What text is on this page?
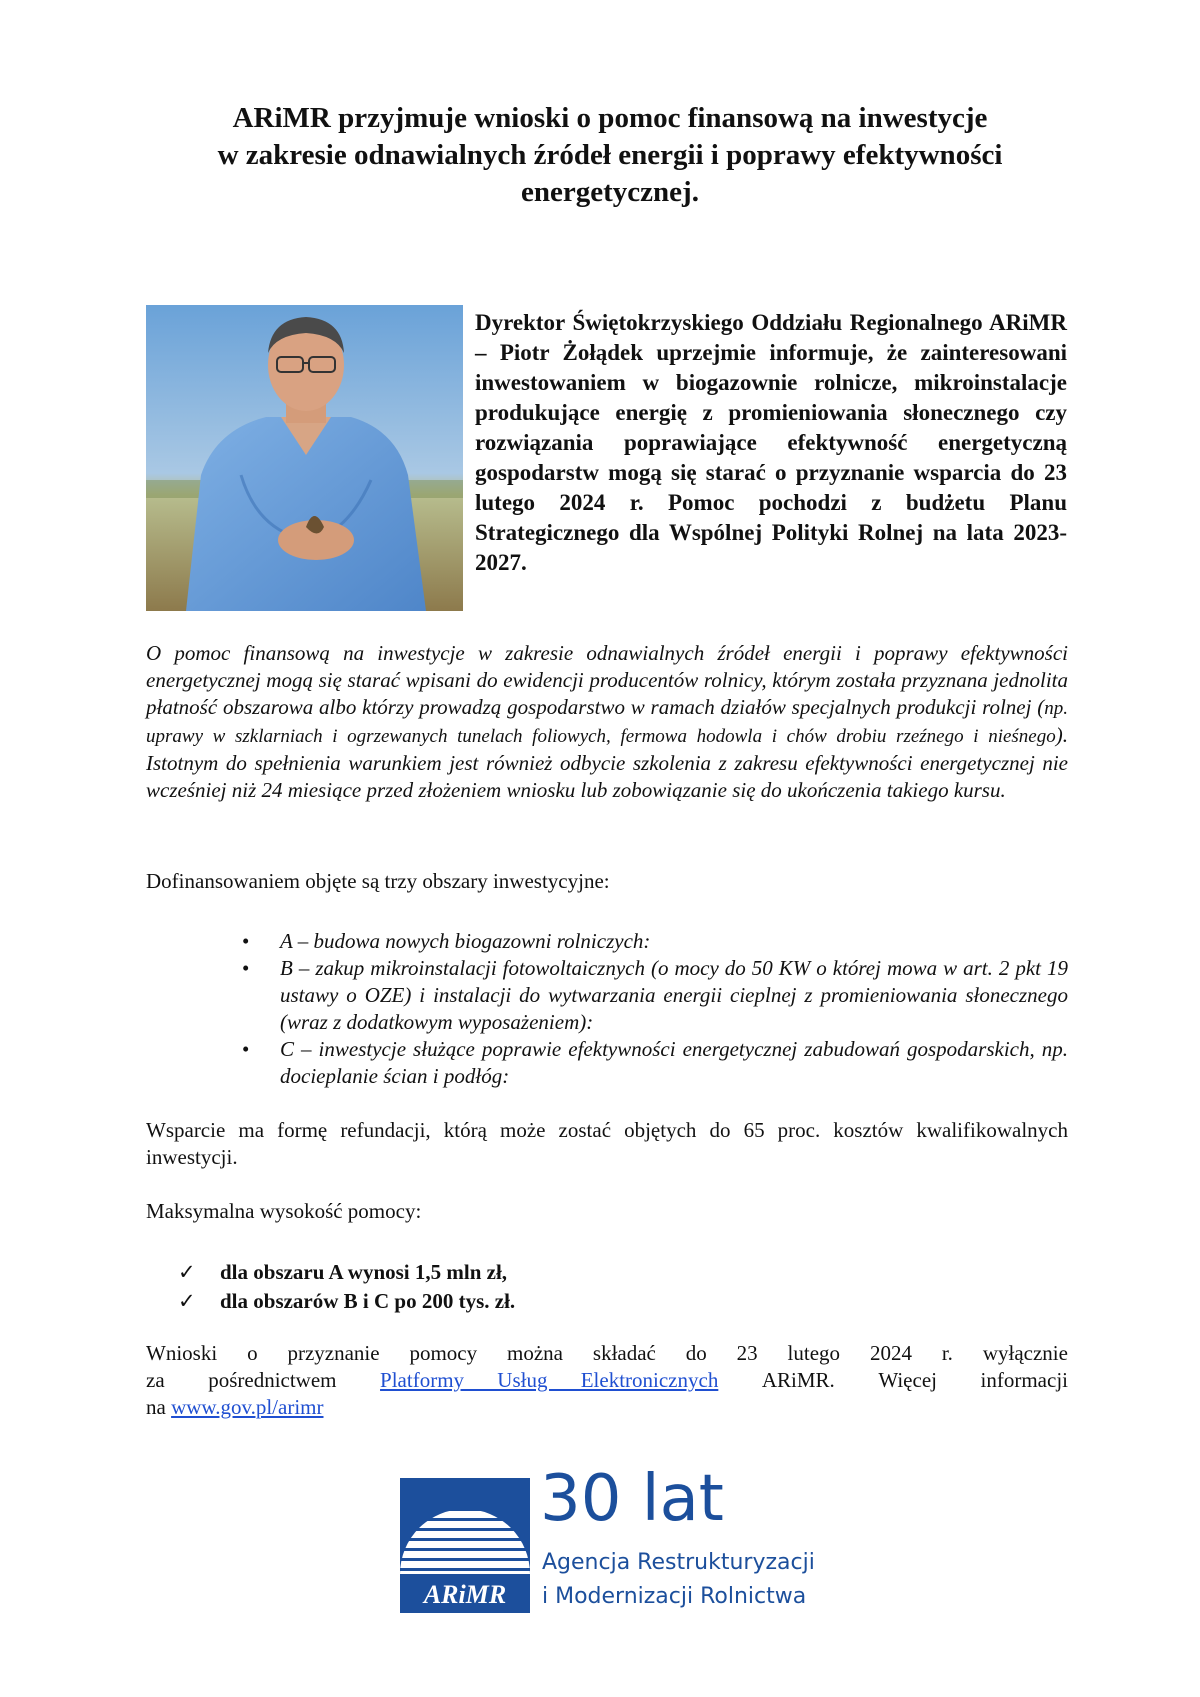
ARiMR przyjmuje wnioski o pomoc finansową na inwestycje
w zakresie odnawialnych źródeł energii i poprawy efektywności
energetycznej.
Dyrektor Świętokrzyskiego Oddziału Regionalnego ARiMR – Piotr Żołądek uprzejmie informuje, że zainteresowani inwestowaniem w biogazownie rolnicze, mikroinstalacje produkujące energię z promieniowania słonecznego czy rozwiązania poprawiające efektywność energetyczną gospodarstw mogą się starać o przyznanie wsparcia do 23 lutego 2024 r. Pomoc pochodzi z budżetu Planu Strategicznego dla Wspólnej Polityki Rolnej na lata 2023-2027.
O pomoc finansową na inwestycje w zakresie odnawialnych źródeł energii i poprawy efektywności energetycznej mogą się starać wpisani do ewidencji producentów rolnicy, którym została przyznana jednolita płatność obszarowa albo którzy prowadzą gospodarstwo w ramach działów specjalnych produkcji rolnej (np. uprawy w szklarniach i ogrzewanych tunelach foliowych, fermowa hodowla i chów drobiu rzeźnego i nieśnego). Istotnym do spełnienia warunkiem jest również odbycie szkolenia z zakresu efektywności energetycznej nie wcześniej niż 24 miesiące przed złożeniem wniosku lub zobowiązanie się do ukończenia takiego kursu.
Dofinansowaniem objęte są trzy obszary inwestycyjne:
• A – budowa nowych biogazowni rolniczych:
• B – zakup mikroinstalacji fotowoltaicznych (o mocy do 50 KW o której mowa w art. 2 pkt 19 ustawy o OZE) i instalacji do wytwarzania energii cieplnej z promieniowania słonecznego (wraz z dodatkowym wyposażeniem):
• C – inwestycje służące poprawie efektywności energetycznej zabudowań gospodarskich, np. docieplanie ścian i podłóg:
Wsparcie ma formę refundacji, którą może zostać objętych do 65 proc. kosztów kwalifikowalnych inwestycji.
Maksymalna wysokość pomocy:
✓ dla obszaru A wynosi 1,5 mln zł,
✓ dla obszarów B i C po 200 tys. zł.
Wnioski o przyznanie pomocy można składać do 23 lutego 2024 r. wyłącznie
za pośrednictwem Platformy Usług Elektronicznych ARiMR. Więcej informacji
na www.gov.pl/arimr
ARiMR
30 lat
Agencja Restrukturyzacji
i Modernizacji Rolnictwa
